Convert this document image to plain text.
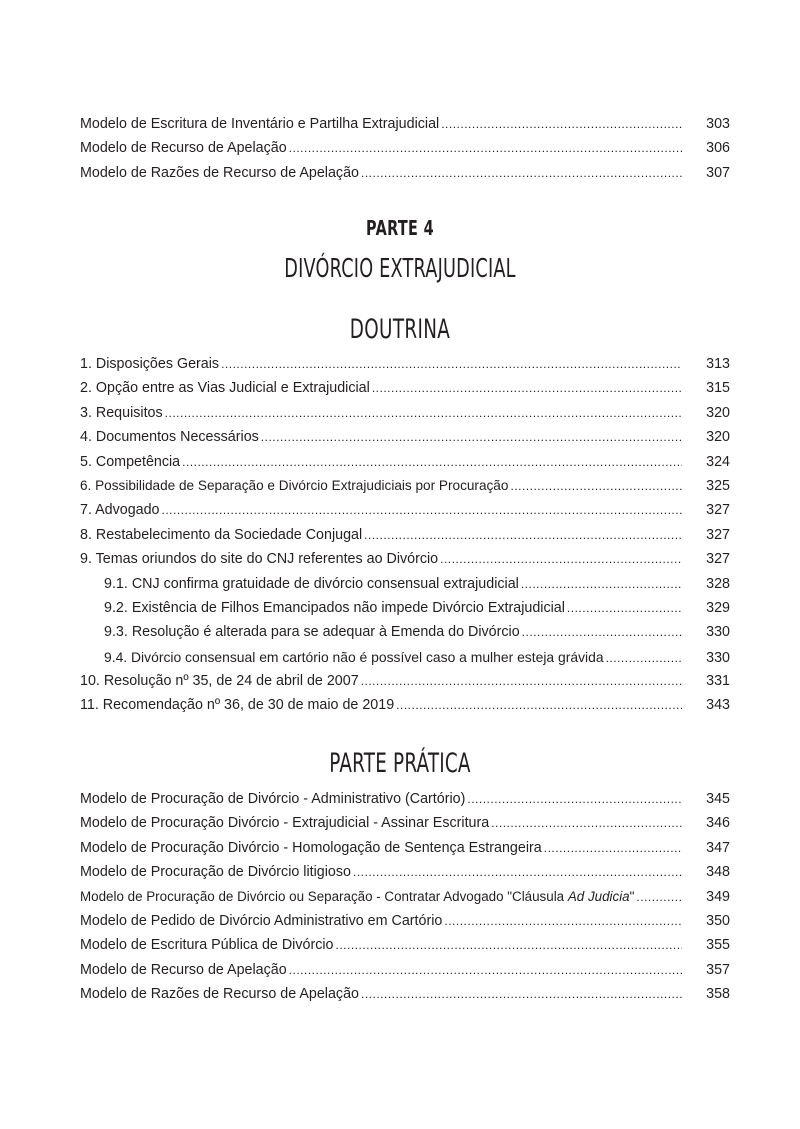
Modelo de Escritura de Inventário e Partilha Extrajudicial .....	303
Modelo de Recurso de Apelação .....	306
Modelo de Razões de Recurso de Apelação .....	307
PARTE 4
DIVÓRCIO EXTRAJUDICIAL
DOUTRINA
1. Disposições Gerais .....	313
2. Opção entre as Vias Judicial e Extrajudicial .....	315
3. Requisitos .....	320
4. Documentos Necessários .....	320
5. Competência .....	324
6. Possibilidade de Separação e Divórcio Extrajudiciais por Procuração .....	325
7. Advogado .....	327
8. Restabelecimento da Sociedade Conjugal .....	327
9. Temas oriundos do site do CNJ referentes ao Divórcio .....	327
9.1. CNJ confirma gratuidade de divórcio consensual extrajudicial .....	328
9.2. Existência de Filhos Emancipados não impede Divórcio Extrajudicial .....	329
9.3. Resolução é alterada para se adequar à Emenda do Divórcio .....	330
9.4. Divórcio consensual em cartório não é possível caso a mulher esteja grávida .....	330
10. Resolução nº 35, de 24 de abril de 2007 .....	331
11. Recomendação nº 36, de 30 de maio de 2019 .....	343
PARTE PRÁTICA
Modelo de Procuração de Divórcio - Administrativo (Cartório) .....	345
Modelo de Procuração Divórcio - Extrajudicial - Assinar Escritura .....	346
Modelo de Procuração Divórcio - Homologação de Sentença Estrangeira .....	347
Modelo de Procuração de Divórcio litigioso .....	348
Modelo de Procuração de Divórcio ou Separação - Contratar Advogado "Cláusula Ad Judicia" .....	349
Modelo de Pedido de Divórcio Administrativo em Cartório .....	350
Modelo de Escritura Pública de Divórcio .....	355
Modelo de Recurso de Apelação .....	357
Modelo de Razões de Recurso de Apelação .....	358
